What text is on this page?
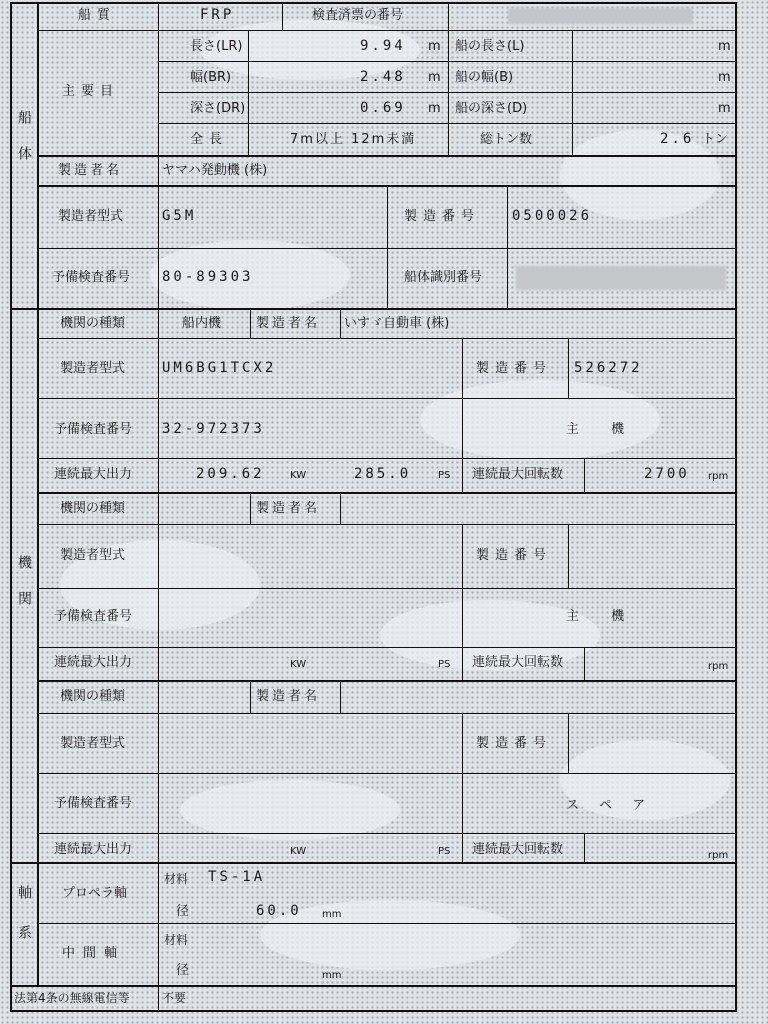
船体
船質	FRP	検査済票の番号
主要目
長さ(LR)	9.94 m 船の長さ(L)	m
幅(BR)	2.48 m 船の幅(B)	m
深さ(DR)	0.69 m 船の深さ(D)	m
全長	7m以上 12m未満	総トン数	2.6 トン
製造者名	ヤマハ発動機 (株)
製造者型式	G5M	製造番号 0500026
予備検査番号 80-89303	船体識別番号
機関
機関の種類	船内機	製造者名 いすゞ自動車 (株)
製造者型式	UM6BG1TCX2	製造番号 526272
予備検査番号 32-972373	主 機
連続最大出力	209.62	KW	285.0	PS 連続最大回転数	2700 rpm
機関の種類	製造者名
製造者型式	製造番号
予備検査番号	主 機
連続最大出力	KW	PS 連続最大回転数	rpm
機関の種類	製造者名
製造者型式	製造番号
予備検査番号	ス ペ ア
連続最大出力	KW	PS 連続最大回転数	rpm
軸系 プロペラ軸
材料 TS-1A
径	60.0 mm
中間軸
材料
径	mm
法第4条の無線電信等	不要
